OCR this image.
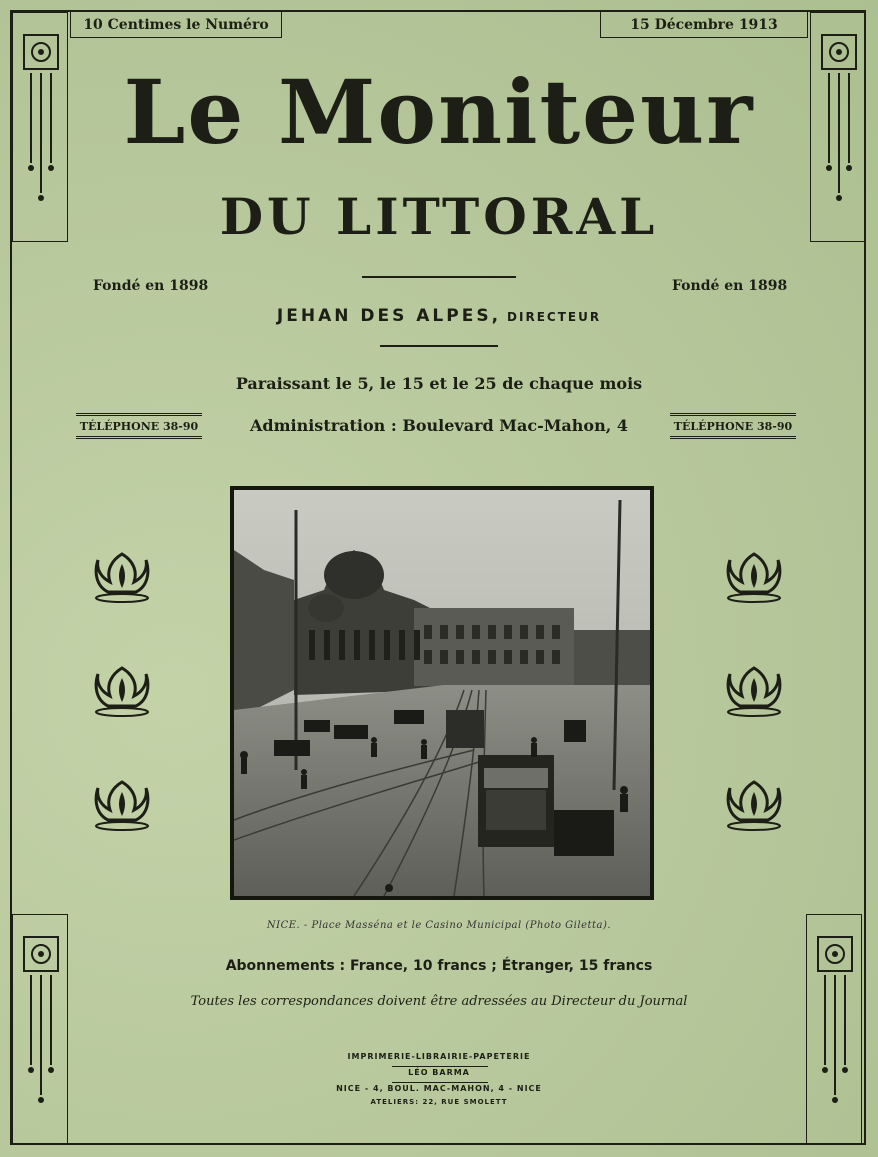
10 Centimes le Numéro	15 Décembre 1913
Le Moniteur
DU LITTORAL
Fondé en 1898	Fondé en 1898
JEHAN DES ALPES, DIRECTEUR
Paraissant le 5, le 15 et le 25 de chaque mois
TÉLÉPHONE 38-90	Administration : Boulevard Mac-Mahon, 4	TÉLÉPHONE 38-90
NICE. - Place Masséna et le Casino Municipal (Photo Giletta).
Abonnements : France, 10 francs ; Étranger, 15 francs
Toutes les correspondances doivent être adressées au Directeur du Journal
IMPRIMERIE-LIBRAIRIE-PAPETERIE
LÉO BARMA
NICE - 4, BOUL. MAC-MAHON, 4 - NICE
ATELIERS: 22, RUE SMOLETT
